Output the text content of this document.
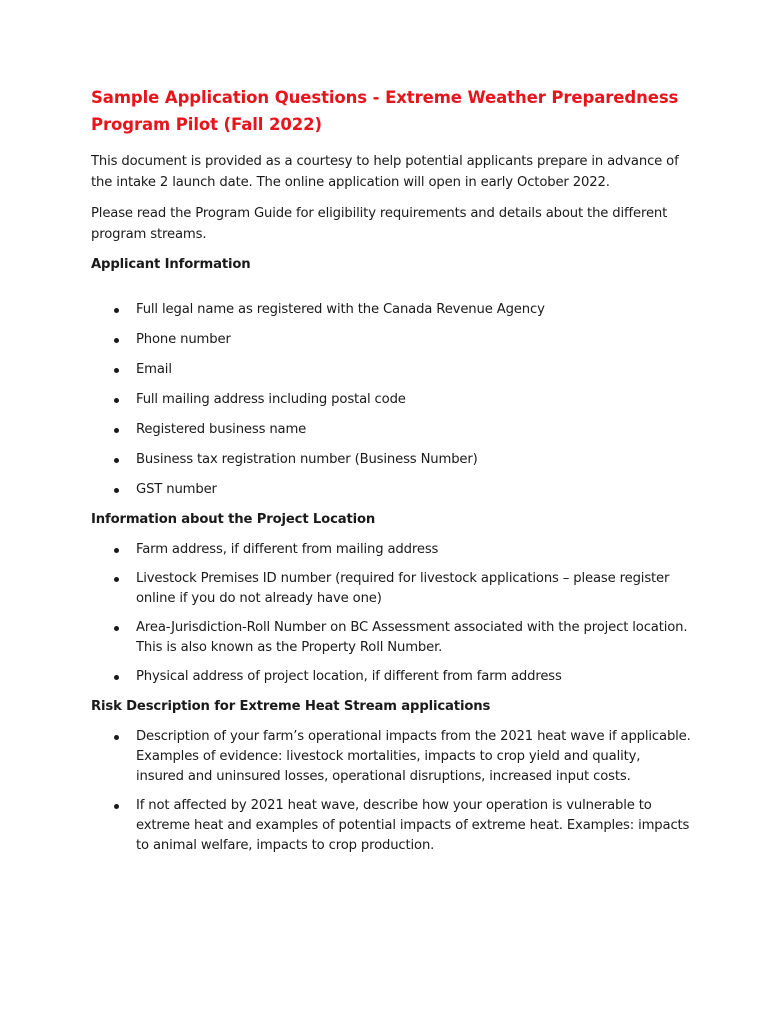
Sample Application Questions - Extreme Weather Preparedness Program Pilot (Fall 2022)

This document is provided as a courtesy to help potential applicants prepare in advance of the intake 2 launch date. The online application will open in early October 2022.

Please read the Program Guide for eligibility requirements and details about the different program streams.

Applicant Information
Full legal name as registered with the Canada Revenue Agency
Phone number
Email
Full mailing address including postal code
Registered business name
Business tax registration number (Business Number)
GST number
Information about the Project Location
Farm address, if different from mailing address
Livestock Premises ID number (required for livestock applications – please register online if you do not already have one)
Area-Jurisdiction-Roll Number on BC Assessment associated with the project location. This is also known as the Property Roll Number.
Physical address of project location, if different from farm address
Risk Description for Extreme Heat Stream applications
Description of your farm’s operational impacts from the 2021 heat wave if applicable. Examples of evidence: livestock mortalities, impacts to crop yield and quality, insured and uninsured losses, operational disruptions, increased input costs.
If not affected by 2021 heat wave, describe how your operation is vulnerable to extreme heat and examples of potential impacts of extreme heat. Examples: impacts to animal welfare, impacts to crop production.
